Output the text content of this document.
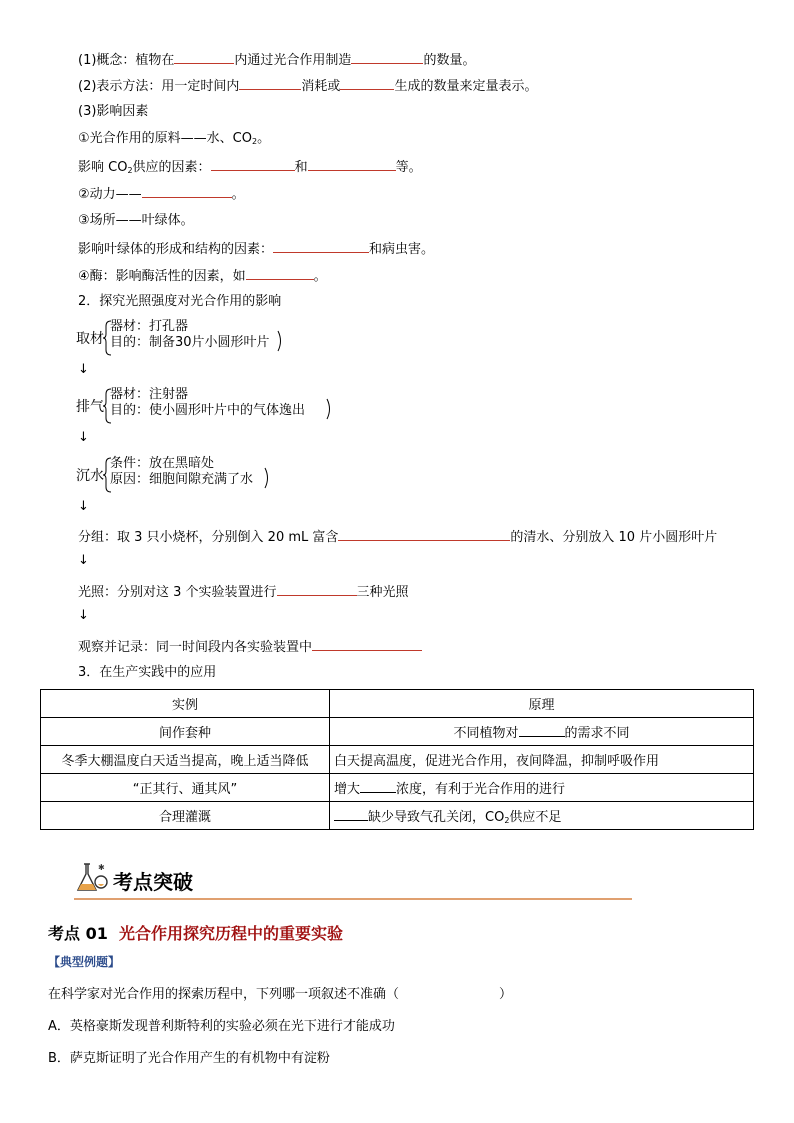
(1)概念：植物在	内通过光合作用制造	的数量。
(2)表示方法：用一定时间内	消耗或	生成的数量来定量表示。
(3)影响因素
①光合作用的原料——水、$CO_2$。
影响 $CO_2$供应的因素：	和	等。
②动力——	。
③场所——叶绿体。
影响叶绿体的形成和结构的因素：	和病虫害。
④酶：影响酶活性的因素，如	。
2．探究光照强度对光合作用的影响
取材
器材：打孔器
目的：制备30片小圆形叶片
↓
排气
器材：注射器
目的：使小圆形叶片中的气体逸出
↓
沉水
条件：放在黑暗处
原因：细胞间隙充满了水
↓
分组：取 3 只小烧杯，分别倒入 20 mL 富含	的清水、分别放入 10 片小圆形叶片
↓
光照：分别对这 3 个实验装置进行	三种光照
↓
观察并记录：同一时间段内各实验装置中
3．在生产实践中的应用
实例	原理
间作套种	不同植物对 的需求不同
冬季大棚温度白天适当提高，晚上适当降低	白天提高温度，促进光合作用，夜间降温，抑制呼吸作用
“正其行、通其风”	增大 浓度，有利于光合作用的进行
合理灌溉	缺少导致气孔关闭，$CO_2$供应不足
✱
考点突破
考点 01 光合作用探究历程中的重要实验
【典型例题】
在科学家对光合作用的探索历程中，下列哪一项叙述不准确（	）
A．英格豪斯发现普利斯特利的实验必须在光下进行才能成功
B．萨克斯证明了光合作用产生的有机物中有淀粉
